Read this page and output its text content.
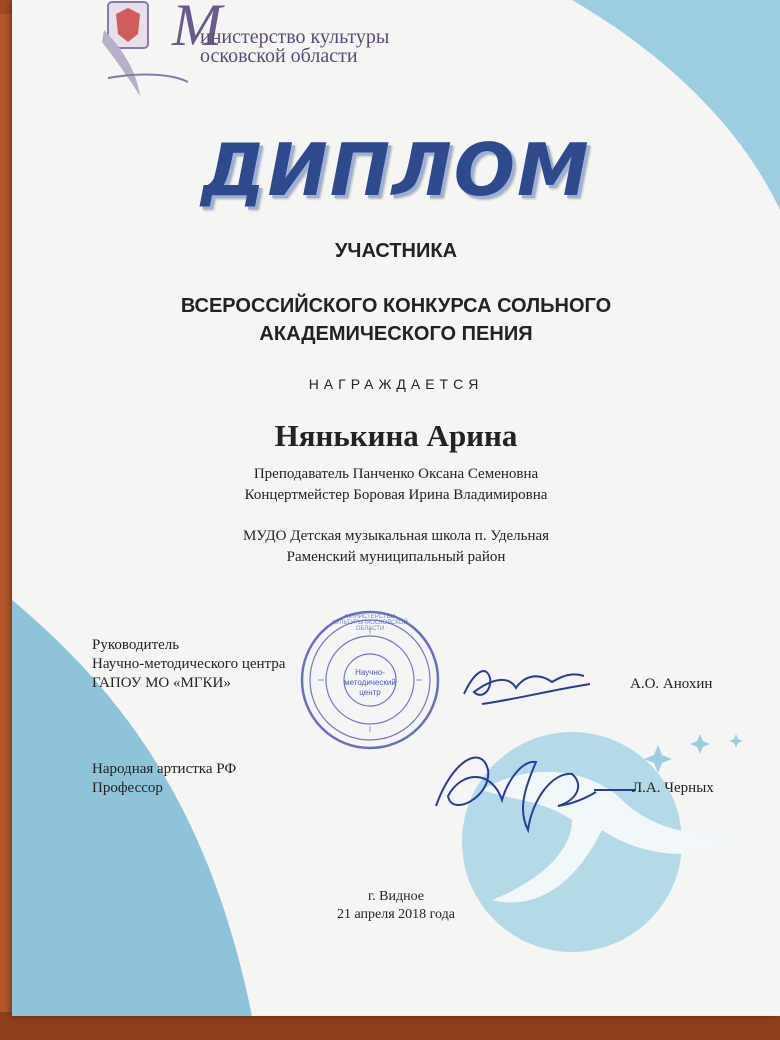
М
инистерство культуры
осковской области
ДИПЛОМ
УЧАСТНИКА
ВСЕРОССИЙСКОГО КОНКУРСА СОЛЬНОГО
АКАДЕМИЧЕСКОГО ПЕНИЯ
НАГРАЖДАЕТСЯ
Нянькина Арина
Преподаватель Панченко Оксана Семеновна
Концертмейстер Боровая Ирина Владимировна
МУДО Детская музыкальная школа п. Удельная
Раменский муниципальный район
Руководитель
Научно-методического центра
ГАПОУ МО «МГКИ»	А.О. Анохин
Народная артистка РФ
Профессор	Л.А. Черных
Научно-методический центр
МИНИСТЕРСТВО КУЛЬТУРЫ МОСКОВСКОЙ ОБЛАСТИ
г. Видное
21 апреля 2018 года
